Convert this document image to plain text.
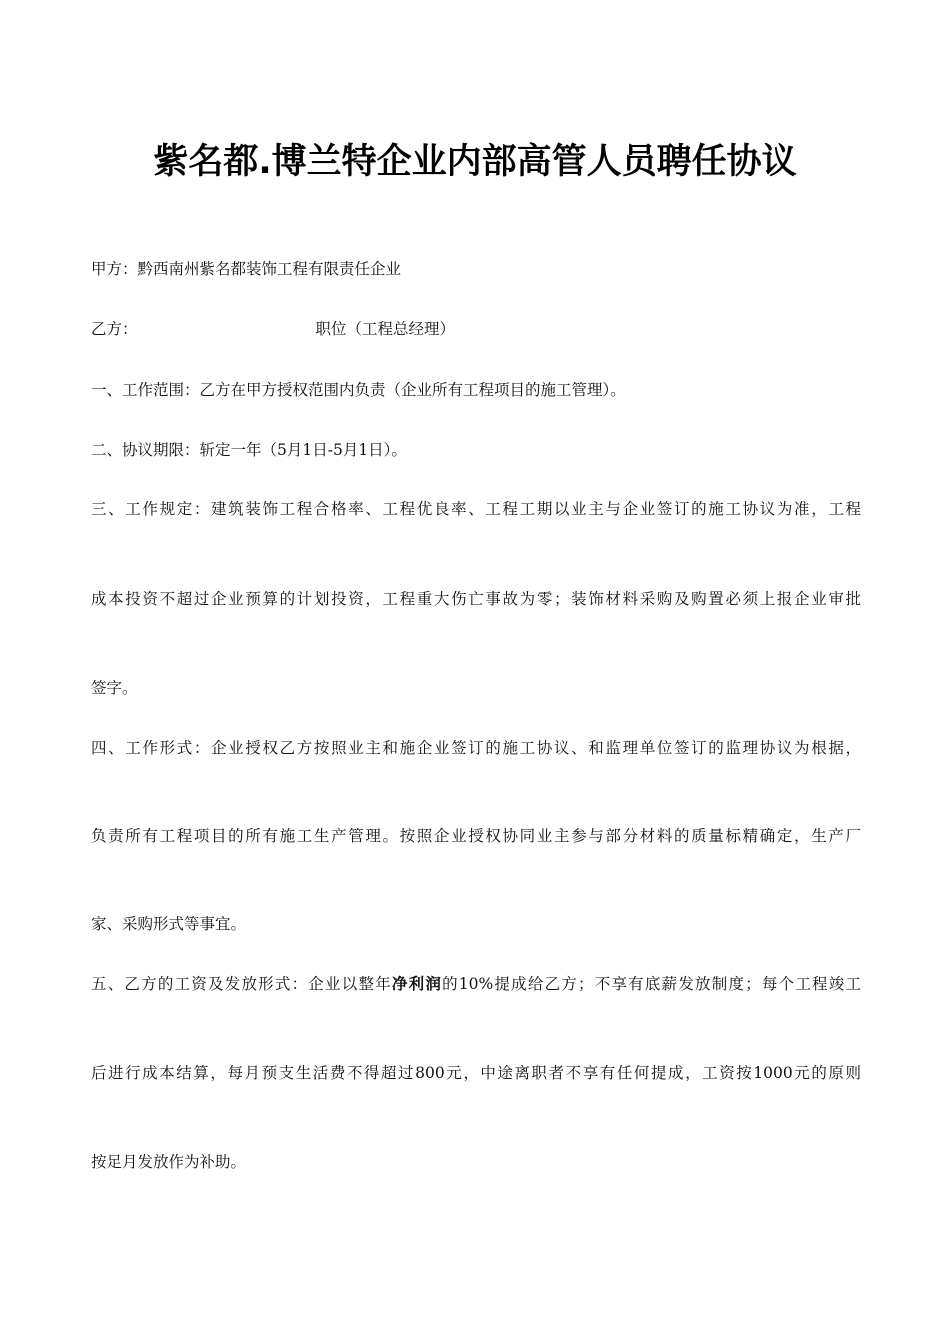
紫名都.博兰特企业内部高管人员聘任协议
甲方：黔西南州紫名都装饰工程有限责任企业
乙方：	职位（工程总经理）
一、工作范围：乙方在甲方授权范围内负责（企业所有工程项目的施工管理）。
二、协议期限：斩定一年（5月1日-5月1日）。
三、工作规定：建筑装饰工程合格率、工程优良率、工程工期以业主与企业签订的施工协议为准，工程
成本投资不超过企业预算的计划投资，工程重大伤亡事故为零；装饰材料采购及购置必须上报企业审批
签字。
四、工作形式：企业授权乙方按照业主和施企业签订的施工协议、和监理单位签订的监理协议为根据，
负责所有工程项目的所有施工生产管理。按照企业授权协同业主参与部分材料的质量标精确定，生产厂
家、采购形式等事宜。
五、乙方的工资及发放形式：企业以整年净利润的10%提成给乙方；不享有底薪发放制度；每个工程竣工
后进行成本结算，每月预支生活费不得超过800元，中途离职者不享有任何提成，工资按1000元的原则
按足月发放作为补助。
